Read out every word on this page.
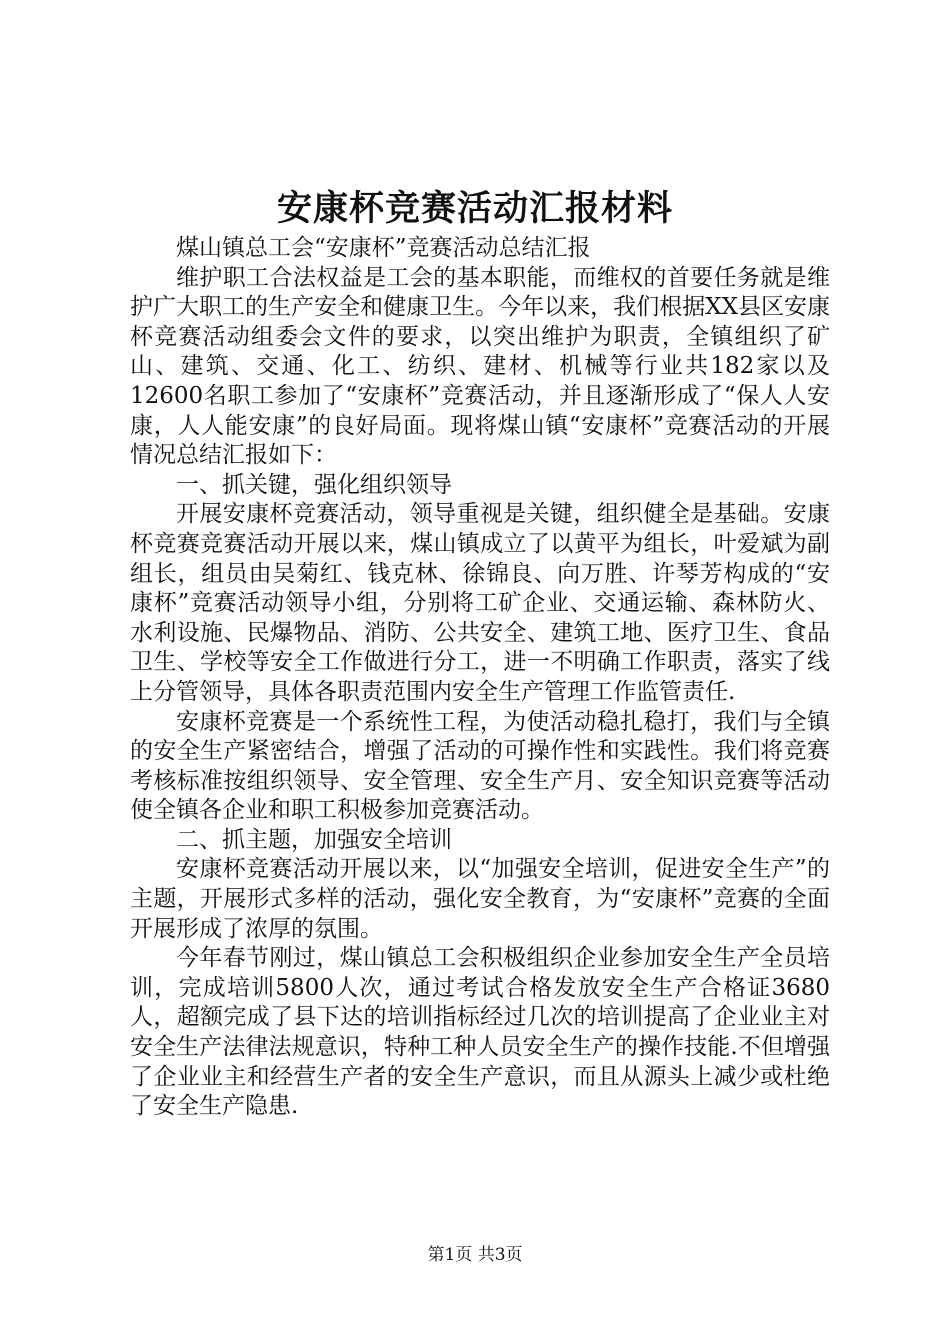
安康杯竞赛活动汇报材料

煤山镇总工会“安康杯”竞赛活动总结汇报

维护职工合法权益是工会的基本职能，而维权的首要任务就是维护广大职工的生产安全和健康卫生。今年以来，我们根据XX县区安康杯竞赛活动组委会文件的要求，以突出维护为职责，全镇组织了矿山、建筑、交通、化工、纺织、建材、机械等行业共182家以及12600名职工参加了“安康杯”竞赛活动，并且逐渐形成了“保人人安康，人人能安康”的良好局面。现将煤山镇“安康杯”竞赛活动的开展情况总结汇报如下：

一、抓关键，强化组织领导

开展安康杯竞赛活动，领导重视是关键，组织健全是基础。安康杯竞赛竞赛活动开展以来，煤山镇成立了以黄平为组长，叶爱斌为副组长，组员由吴菊红、钱克林、徐锦良、向万胜、许琴芳构成的“安康杯”竞赛活动领导小组，分别将工矿企业、交通运输、森林防火、水利设施、民爆物品、消防、公共安全、建筑工地、医疗卫生、食品卫生、学校等安全工作做进行分工，进一不明确工作职责，落实了线上分管领导，具体各职责范围内安全生产管理工作监管责任.

安康杯竞赛是一个系统性工程，为使活动稳扎稳打，我们与全镇的安全生产紧密结合，增强了活动的可操作性和实践性。我们将竞赛考核标准按组织领导、安全管理、安全生产月、安全知识竞赛等活动使全镇各企业和职工积极参加竞赛活动。

二、抓主题，加强安全培训

安康杯竞赛活动开展以来，以“加强安全培训，促进安全生产”的主题，开展形式多样的活动，强化安全教育，为“安康杯”竞赛的全面开展形成了浓厚的氛围。

今年春节刚过，煤山镇总工会积极组织企业参加安全生产全员培训，完成培训5800人次，通过考试合格发放安全生产合格证3680人，超额完成了县下达的培训指标经过几次的培训提高了企业业主对安全生产法律法规意识，特种工种人员安全生产的操作技能.不但增强了企业业主和经营生产者的安全生产意识，而且从源头上减少或杜绝了安全生产隐患.

第1页 共3页
